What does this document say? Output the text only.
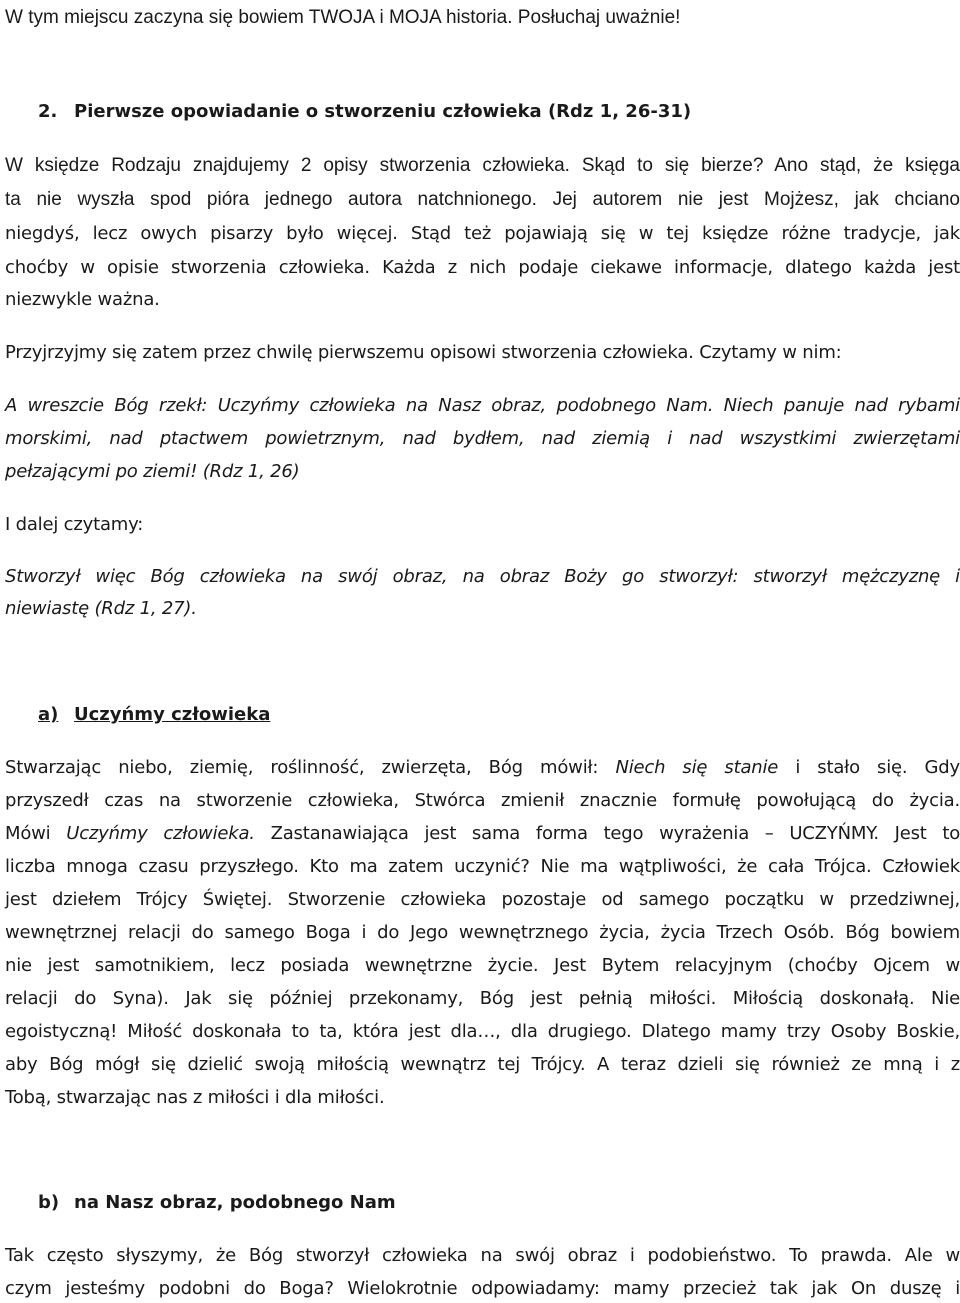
W tym miejscu zaczyna się bowiem TWOJA i MOJA historia. Posłuchaj uważnie!
2. Pierwsze opowiadanie o stworzeniu człowieka (Rdz 1, 26-31)
W księdze Rodzaju znajdujemy 2 opisy stworzenia człowieka. Skąd to się bierze? Ano stąd, że księga
ta nie wyszła spod pióra jednego autora natchnionego. Jej autorem nie jest Mojżesz, jak chciano
niegdyś, lecz owych pisarzy było więcej. Stąd też pojawiają się w tej księdze różne tradycje, jak
choćby w opisie stworzenia człowieka. Każda z nich podaje ciekawe informacje, dlatego każda jest
niezwykle ważna.
Przyjrzyjmy się zatem przez chwilę pierwszemu opisowi stworzenia człowieka. Czytamy w nim:
A wreszcie Bóg rzekł: Uczyńmy człowieka na Nasz obraz, podobnego Nam. Niech panuje nad rybami
morskimi, nad ptactwem powietrznym, nad bydłem, nad ziemią i nad wszystkimi zwierzętami
pełzającymi po ziemi! (Rdz 1, 26)
I dalej czytamy:
Stworzył więc Bóg człowieka na swój obraz, na obraz Boży go stworzył: stworzył mężczyznę i
niewiastę (Rdz 1, 27).
a) Uczyńmy człowieka
Stwarzając niebo, ziemię, roślinność, zwierzęta, Bóg mówił: Niech się stanie i stało się. Gdy
przyszedł czas na stworzenie człowieka, Stwórca zmienił znacznie formułę powołującą do życia.
Mówi Uczyńmy człowieka. Zastanawiająca jest sama forma tego wyrażenia – UCZYŃMY. Jest to
liczba mnoga czasu przyszłego. Kto ma zatem uczynić? Nie ma wątpliwości, że cała Trójca. Człowiek
jest dziełem Trójcy Świętej. Stworzenie człowieka pozostaje od samego początku w przedziwnej,
wewnętrznej relacji do samego Boga i do Jego wewnętrznego życia, życia Trzech Osób. Bóg bowiem
nie jest samotnikiem, lecz posiada wewnętrzne życie. Jest Bytem relacyjnym (choćby Ojcem w
relacji do Syna). Jak się później przekonamy, Bóg jest pełnią miłości. Miłością doskonałą. Nie
egoistyczną! Miłość doskonała to ta, która jest dla…, dla drugiego. Dlatego mamy trzy Osoby Boskie,
aby Bóg mógł się dzielić swoją miłością wewnątrz tej Trójcy. A teraz dzieli się również ze mną i z
Tobą, stwarzając nas z miłości i dla miłości.
b) na Nasz obraz, podobnego Nam
Tak często słyszymy, że Bóg stworzył człowieka na swój obraz i podobieństwo. To prawda. Ale w
czym jesteśmy podobni do Boga? Wielokrotnie odpowiadamy: mamy przecież tak jak On duszę i
